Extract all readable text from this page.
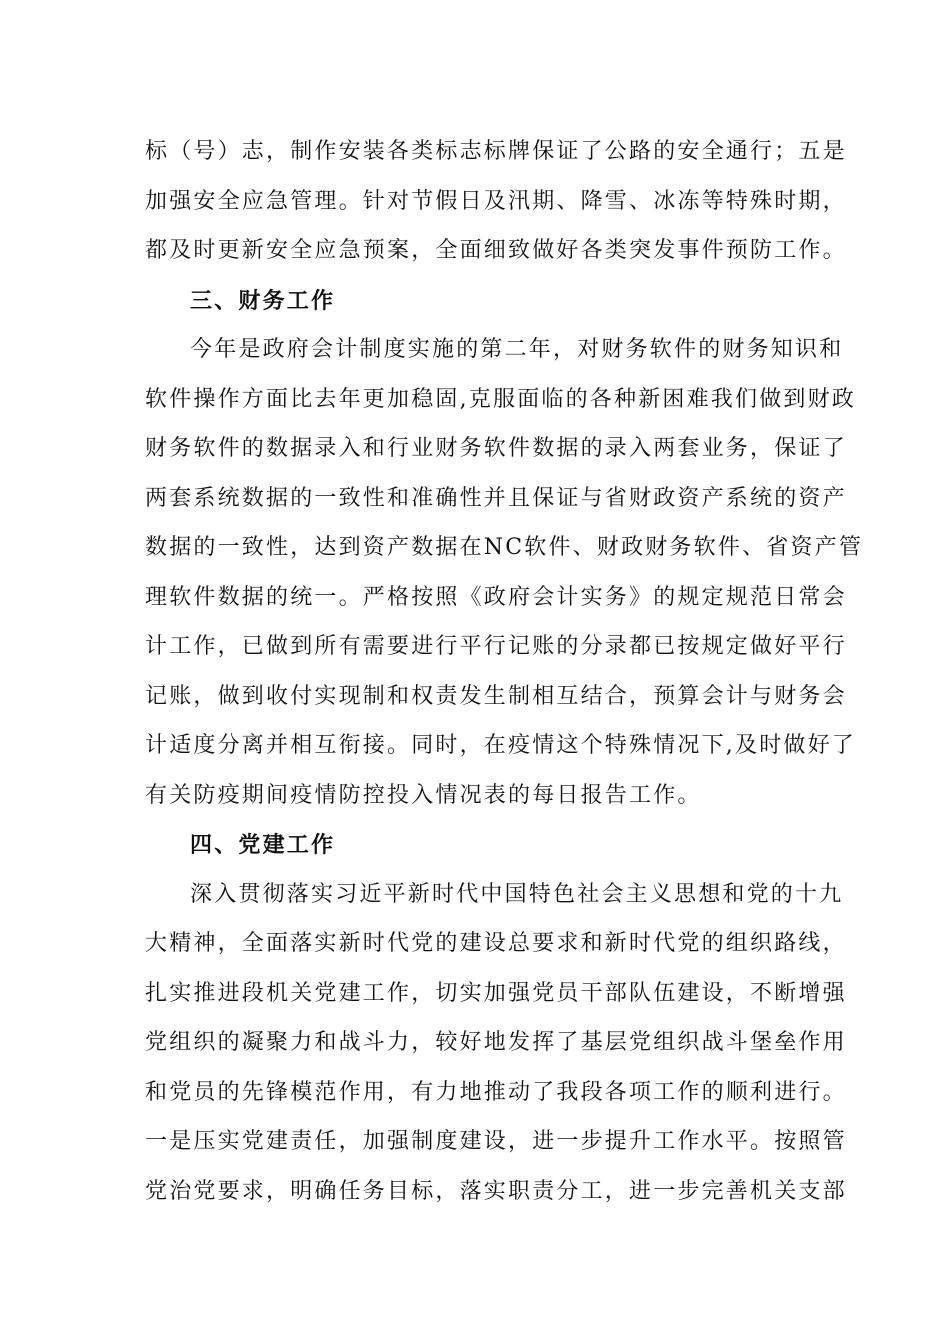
标（号）志，制作安装各类标志标牌保证了公路的安全通行；五是
加强安全应急管理。针对节假日及汛期、降雪、冰冻等特殊时期，
都及时更新安全应急预案，全面细致做好各类突发事件预防工作。
三、财务工作
今年是政府会计制度实施的第二年，对财务软件的财务知识和
软件操作方面比去年更加稳固,克服面临的各种新困难我们做到财政
财务软件的数据录入和行业财务软件数据的录入两套业务，保证了
两套系统数据的一致性和准确性并且保证与省财政资产系统的资产
数据的一致性，达到资产数据在NC软件、财政财务软件、省资产管
理软件数据的统一。严格按照《政府会计实务》的规定规范日常会
计工作，已做到所有需要进行平行记账的分录都已按规定做好平行
记账，做到收付实现制和权责发生制相互结合，预算会计与财务会
计适度分离并相互衔接。同时，在疫情这个特殊情况下,及时做好了
有关防疫期间疫情防控投入情况表的每日报告工作。
四、党建工作
深入贯彻落实习近平新时代中国特色社会主义思想和党的十九
大精神，全面落实新时代党的建设总要求和新时代党的组织路线，
扎实推进段机关党建工作，切实加强党员干部队伍建设，不断增强
党组织的凝聚力和战斗力，较好地发挥了基层党组织战斗堡垒作用
和党员的先锋模范作用，有力地推动了我段各项工作的顺利进行。
一是压实党建责任，加强制度建设，进一步提升工作水平。按照管
党治党要求，明确任务目标，落实职责分工，进一步完善机关支部
